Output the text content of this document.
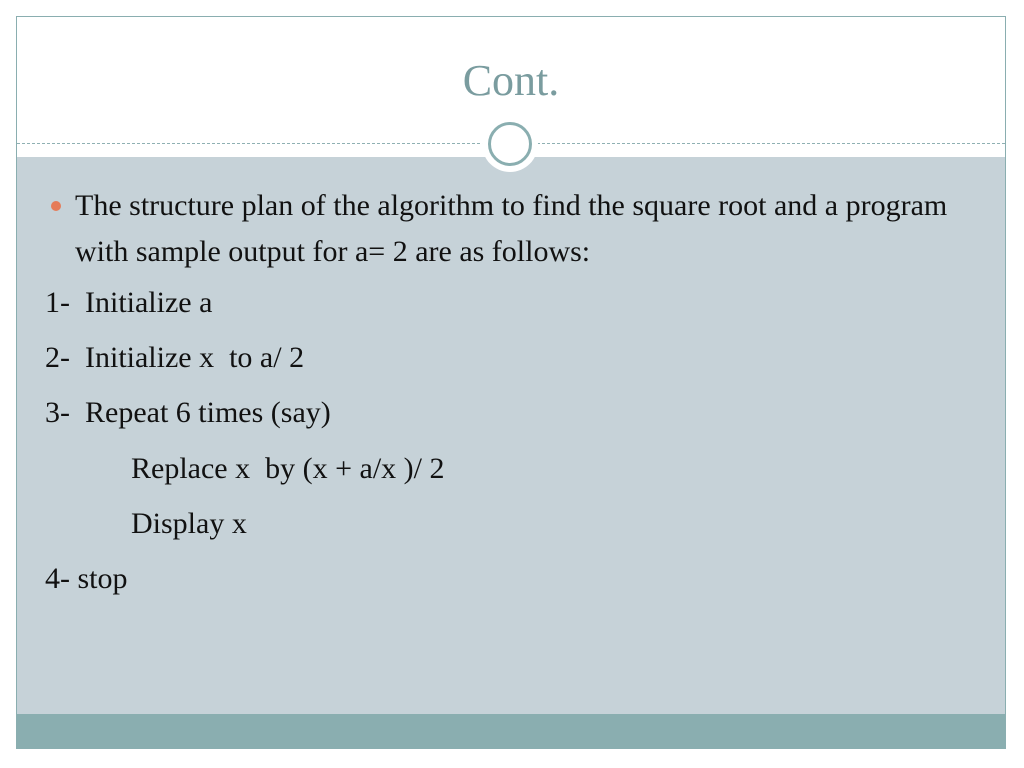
Cont.
The structure plan of the algorithm to find the square root and a program with sample output for a= 2 are as follows:
1-  Initialize a
2-  Initialize x  to a/ 2
3-  Repeat 6 times (say)
Replace x  by (x + a/x )/ 2
Display x
4- stop
